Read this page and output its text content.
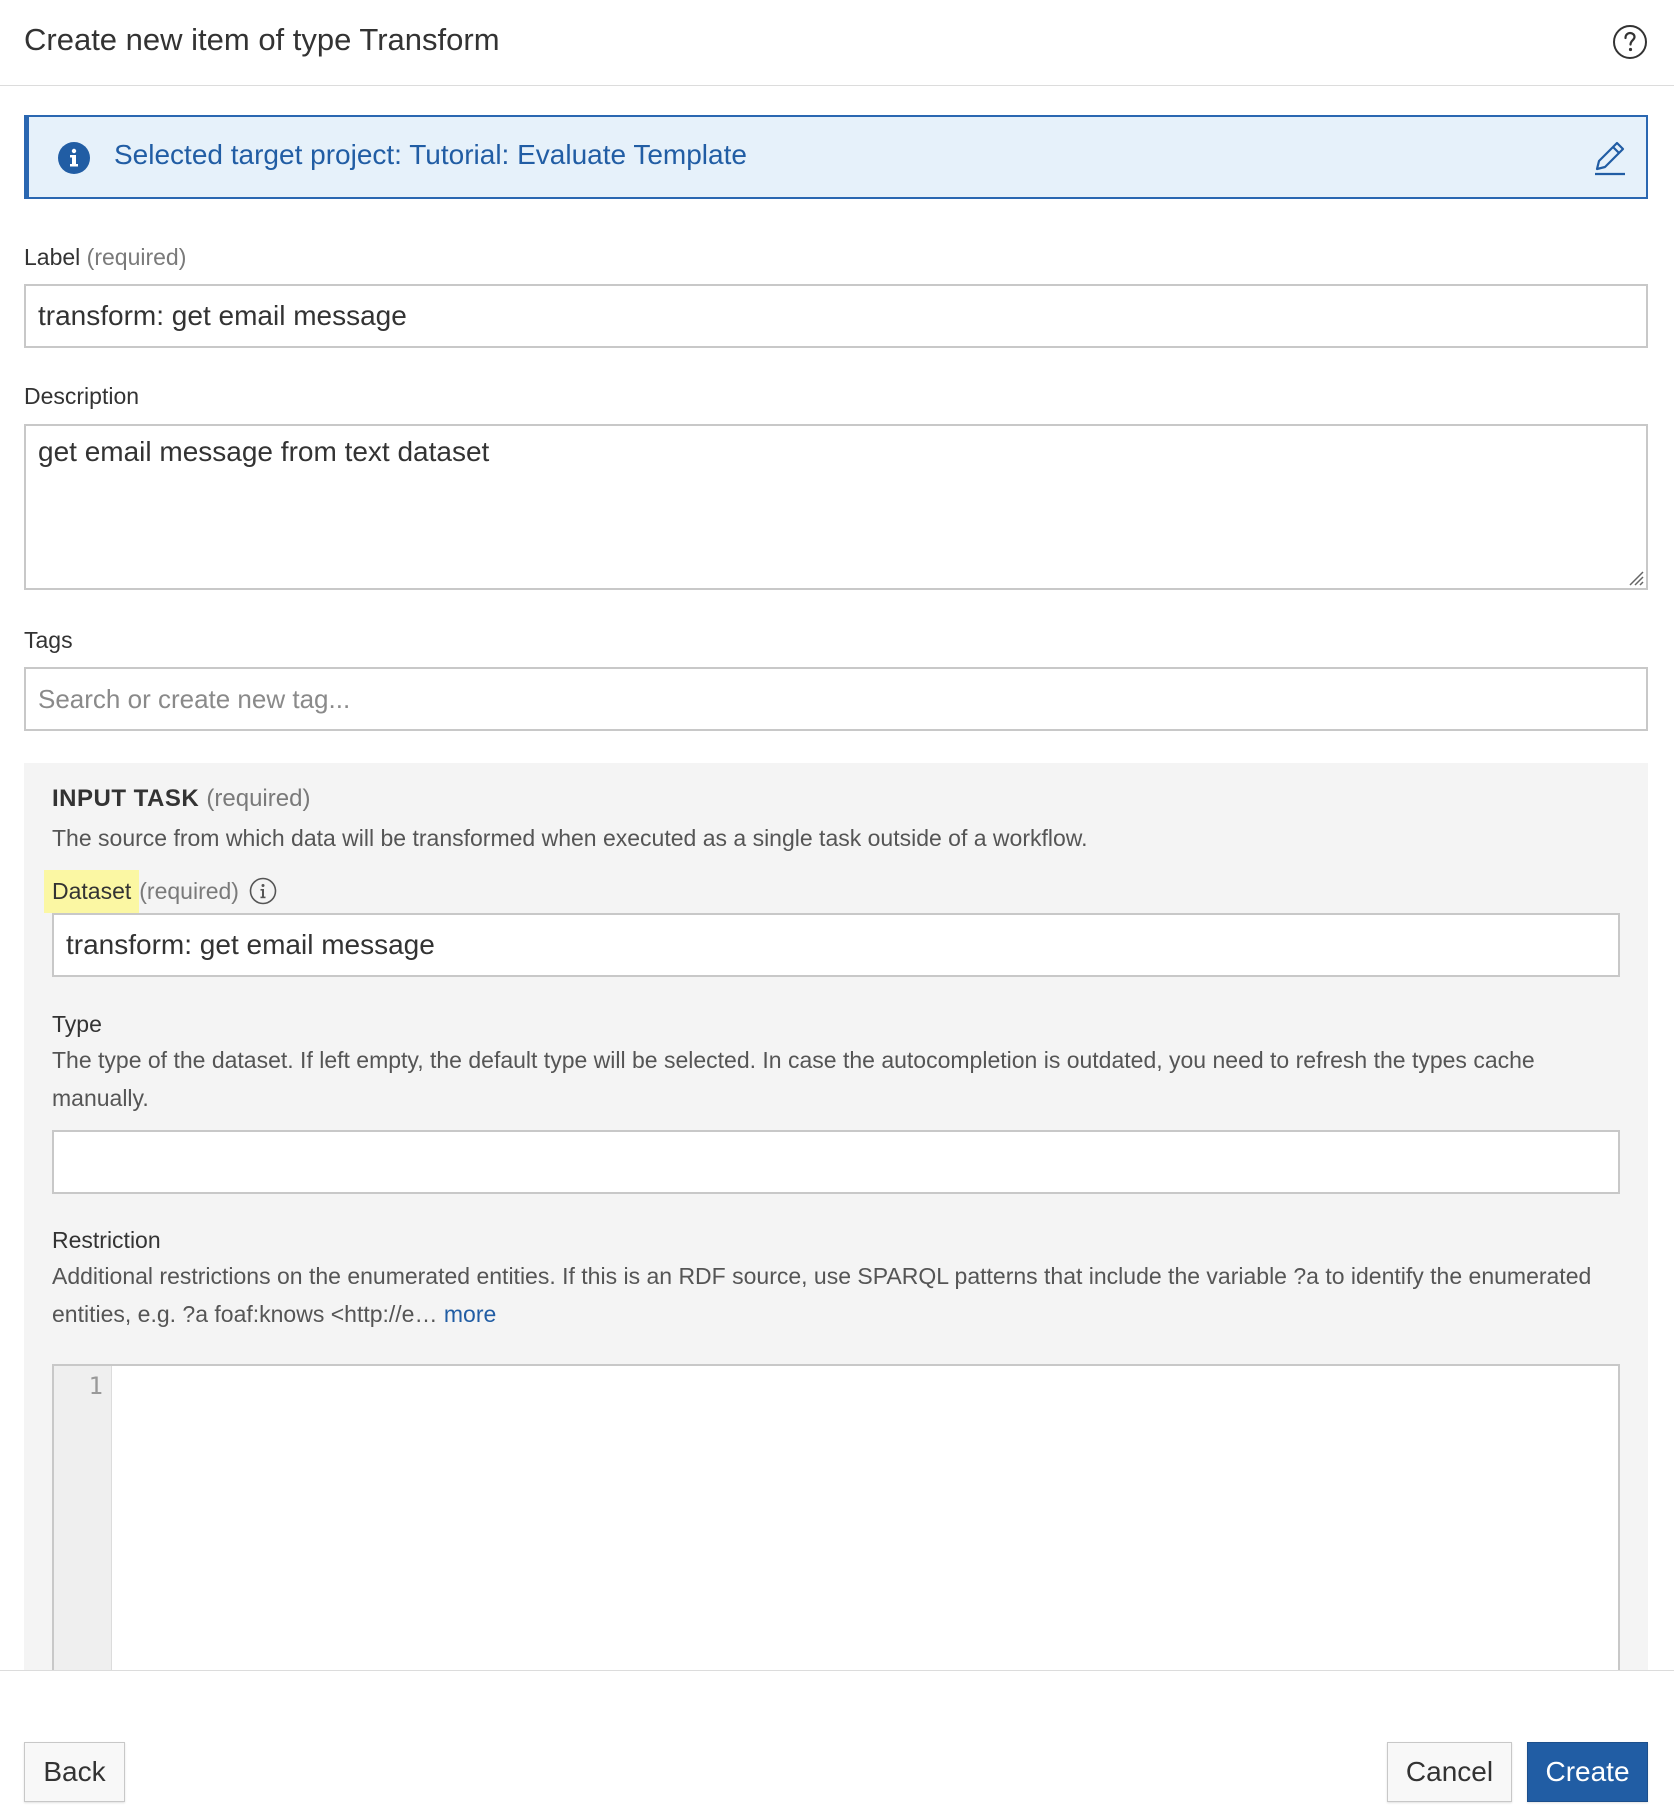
Create new item of type Transform
Selected target project: Tutorial: Evaluate Template
Label (required)
transform: get email message
Description
get email message from text dataset
Tags
Search or create new tag...
INPUT TASK (required)
The source from which data will be transformed when executed as a single task outside of a workflow.
Dataset (required)
transform: get email message
Type
The type of the dataset. If left empty, the default type will be selected. In case the autocompletion is outdated, you need to refresh the types cache manually.
Restriction
Additional restrictions on the enumerated entities. If this is an RDF source, use SPARQL patterns that include the variable ?a to identify the enumerated entities, e.g. ?a foaf:knows <http://e… more
1
Back	Cancel	Create
